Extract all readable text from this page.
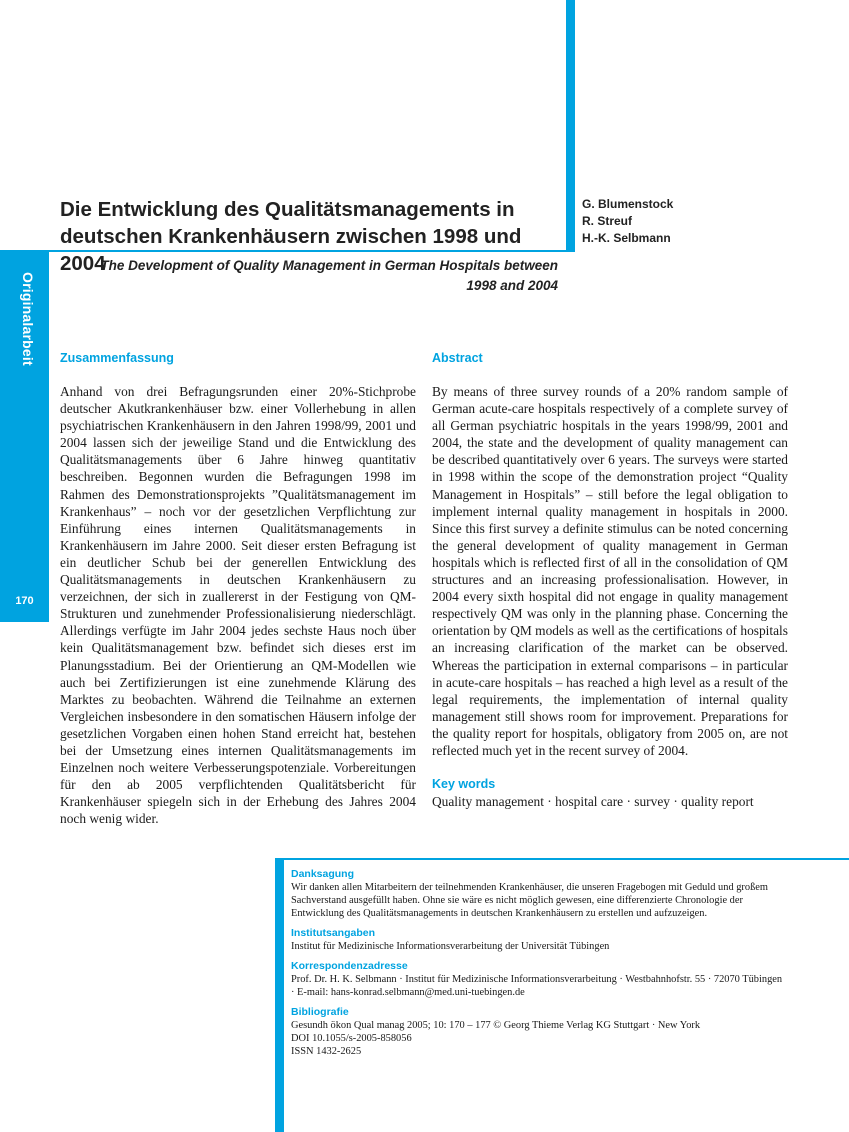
Originalarbeit
170
Die Entwicklung des Qualitätsmanagements in deutschen Krankenhäusern zwischen 1998 und 2004
G. Blumenstock
R. Streuf
H.-K. Selbmann
The Development of Quality Management in German Hospitals between 1998 and 2004
Zusammenfassung
Anhand von drei Befragungsrunden einer 20%-Stichprobe deutscher Akutkrankenhäuser bzw. einer Vollerhebung in allen psychiatrischen Krankenhäusern in den Jahren 1998/99, 2001 und 2004 lassen sich der jeweilige Stand und die Entwicklung des Qualitätsmanagements über 6 Jahre hinweg quantitativ beschreiben. Begonnen wurden die Befragungen 1998 im Rahmen des Demonstrationsprojekts ”Qualitätsmanagement im Krankenhaus” – noch vor der gesetzlichen Verpflichtung zur Einführung eines internen Qualitätsmanagements in Krankenhäusern im Jahre 2000. Seit dieser ersten Befragung ist ein deutlicher Schub bei der generellen Entwicklung des Qualitätsmanagements in deutschen Krankenhäusern zu verzeichnen, der sich in zuallererst in der Festigung von QM-Strukturen und zunehmender Professionalisierung niederschlägt. Allerdings verfügte im Jahr 2004 jedes sechste Haus noch über kein Qualitätsmanagement bzw. befindet sich dieses erst im Planungsstadium. Bei der Orientierung an QM-Modellen wie auch bei Zertifizierungen ist eine zunehmende Klärung des Marktes zu beobachten. Während die Teilnahme an externen Vergleichen insbesondere in den somatischen Häusern infolge der gesetzlichen Vorgaben einen hohen Stand erreicht hat, bestehen bei der Umsetzung eines internen Qualitätsmanagements im Einzelnen noch weitere Verbesserungspotenziale. Vorbereitungen für den ab 2005 verpflichtenden Qualitätsbericht für Krankenhäuser spiegeln sich in der Erhebung des Jahres 2004 noch wenig wider.
Abstract
By means of three survey rounds of a 20% random sample of German acute-care hospitals respectively of a complete survey of all German psychiatric hospitals in the years 1998/99, 2001 and 2004, the state and the development of quality management can be described quantitatively over 6 years. The surveys were started in 1998 within the scope of the demonstration project “Quality Management in Hospitals” – still before the legal obligation to implement internal quality management in hospitals in 2000. Since this first survey a definite stimulus can be noted concerning the general development of quality management in German hospitals which is reflected first of all in the consolidation of QM structures and an increasing professionalisation. However, in 2004 every sixth hospital did not engage in quality management respectively QM was only in the planning phase. Concerning the orientation by QM models as well as the certifications of hospitals an increasing clarification of the market can be observed. Whereas the participation in external comparisons – in particular in acute-care hospitals – has reached a high level as a result of the legal requirements, the implementation of internal quality management still shows room for improvement. Preparations for the quality report for hospitals, obligatory from 2005 on, are not reflected much yet in the recent survey of 2004.
Key words
Quality management · hospital care · survey · quality report
Danksagung
Wir danken allen Mitarbeitern der teilnehmenden Krankenhäuser, die unseren Fragebogen mit Geduld und großem Sachverstand ausgefüllt haben. Ohne sie wäre es nicht möglich gewesen, eine differenzierte Chronologie der Entwicklung des Qualitätsmanagements in deutschen Krankenhäusern zu erstellen und aufzuzeigen.
Institutsangaben
Institut für Medizinische Informationsverarbeitung der Universität Tübingen
Korrespondenzadresse
Prof. Dr. H. K. Selbmann · Institut für Medizinische Informationsverarbeitung · Westbahnhofstr. 55 · 72070 Tübingen · E-mail: hans-konrad.selbmann@med.uni-tuebingen.de
Bibliografie
Gesundh ökon Qual manag 2005; 10: 170 – 177 © Georg Thieme Verlag KG Stuttgart · New York
DOI 10.1055/s-2005-858056
ISSN 1432-2625
